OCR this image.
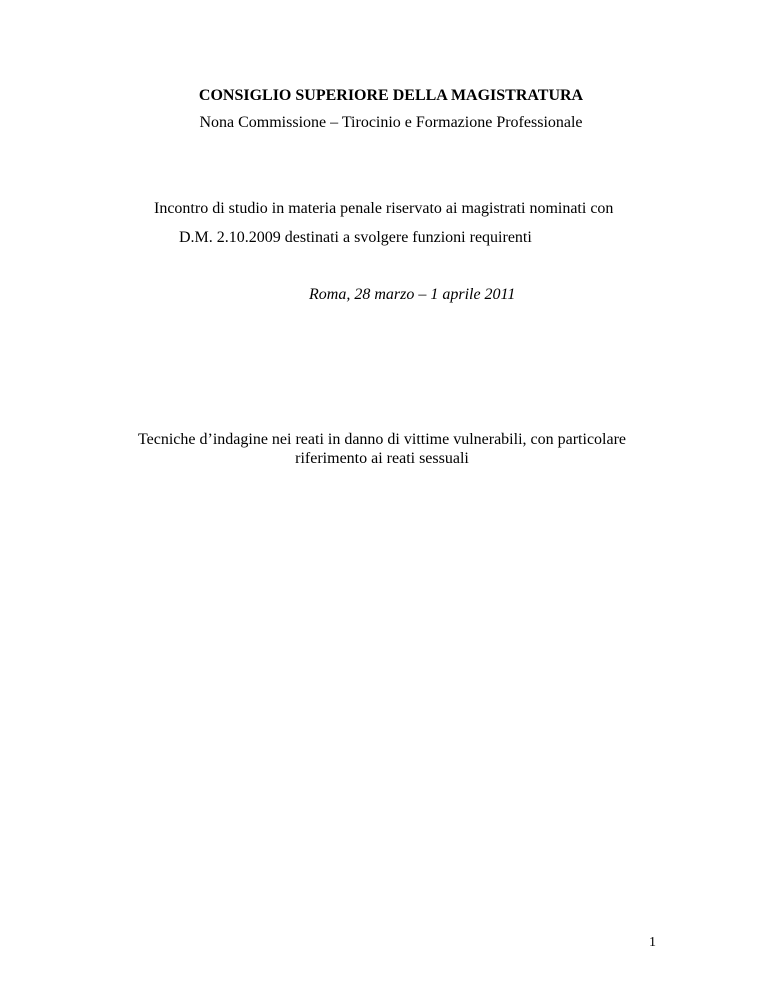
CONSIGLIO SUPERIORE DELLA MAGISTRATURA
Nona Commissione – Tirocinio e Formazione Professionale
Incontro di studio in materia penale riservato ai magistrati nominati con
D.M. 2.10.2009 destinati a svolgere funzioni requirenti
Roma, 28 marzo – 1 aprile 2011
Tecniche d’indagine nei reati in danno di vittime vulnerabili, con particolare
riferimento ai reati sessuali
1
